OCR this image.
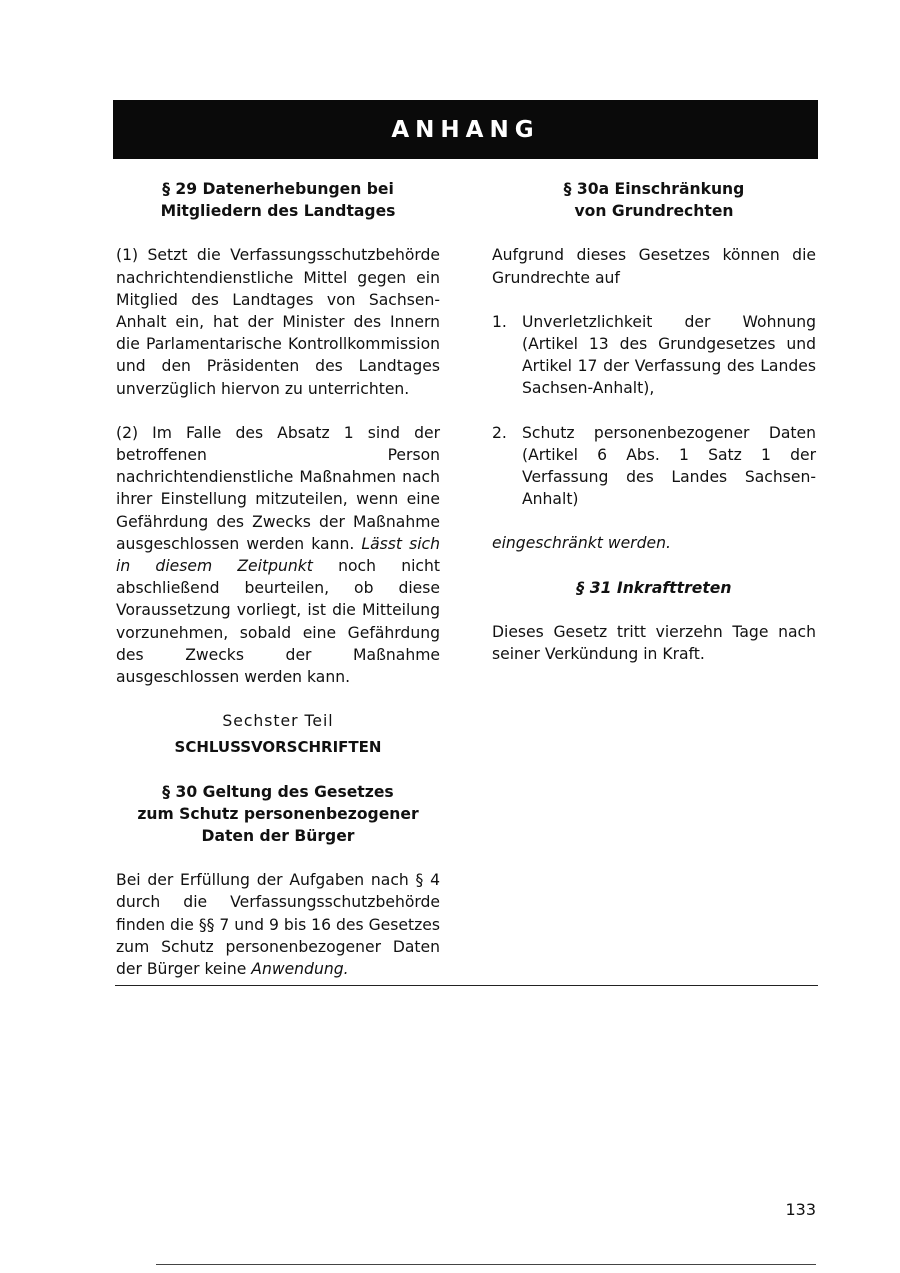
ANHANG
§ 29 Datenerhebungen bei
Mitgliedern des Landtages

(1) Setzt die Verfassungsschutzbehörde nachrichtendienstliche Mittel gegen ein Mitglied des Landtages von Sachsen-Anhalt ein, hat der Minister des Innern die Parlamentarische Kontrollkommission und den Präsidenten des Landtages unverzüglich hiervon zu unterrichten.

(2) Im Falle des Absatz 1 sind der betroffenen Person nachrichtendienstliche Maßnahmen nach ihrer Einstellung mitzuteilen, wenn eine Gefährdung des Zwecks der Maßnahme ausgeschlossen werden kann. Lässt sich in diesem Zeitpunkt noch nicht abschließend beurteilen, ob diese Voraussetzung vorliegt, ist die Mitteilung vorzunehmen, sobald eine Gefährdung des Zwecks der Maßnahme ausgeschlossen werden kann.

Sechster Teil

SCHLUSSVORSCHRIFTEN

§ 30 Geltung des Gesetzes
zum Schutz personenbezogener
Daten der Bürger

Bei der Erfüllung der Aufgaben nach § 4 durch die Verfassungsschutzbehörde finden die §§ 7 und 9 bis 16 des Gesetzes zum Schutz personenbezogener Daten der Bürger keine Anwendung.

§ 30a Einschränkung
von Grundrechten

Aufgrund dieses Gesetzes können die Grundrechte auf

1. Unverletzlichkeit der Wohnung (Artikel 13 des Grundgesetzes und Artikel 17 der Verfassung des Landes Sachsen-Anhalt),
2. Schutz personenbezogener Daten (Artikel 6 Abs. 1 Satz 1 der Verfassung des Landes Sachsen-Anhalt)

eingeschränkt werden.

§ 31 Inkrafttreten

Dieses Gesetz tritt vierzehn Tage nach seiner Verkündung in Kraft.

133
